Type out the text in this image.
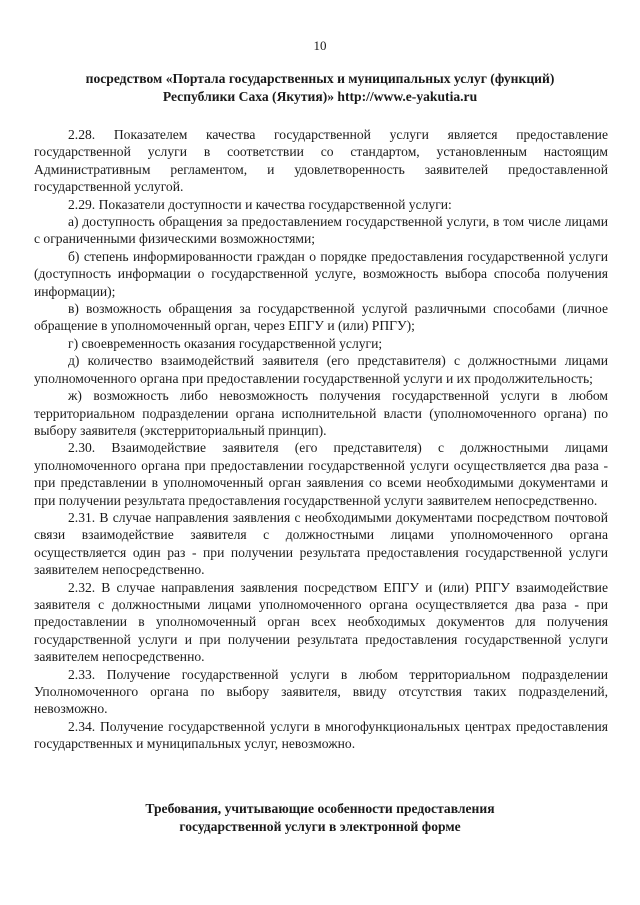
10
посредством «Портала государственных и муниципальных услуг (функций)
Республики Саха (Якутия)» http://www.e-yakutia.ru

2.28. Показателем качества государственной услуги является предоставление государственной услуги в соответствии со стандартом, установленным настоящим Административным регламентом, и удовлетворенность заявителей предоставленной государственной услугой.

2.29. Показатели доступности и качества государственной услуги:

а) доступность обращения за предоставлением государственной услуги, в том числе лицами с ограниченными физическими возможностями;

б) степень информированности граждан о порядке предоставления государственной услуги (доступность информации о государственной услуге, возможность выбора способа получения информации);

в) возможность обращения за государственной услугой различными способами (личное обращение в уполномоченный орган, через ЕПГУ и (или) РПГУ);

г) своевременность оказания государственной услуги;

д) количество взаимодействий заявителя (его представителя) с должностными лицами уполномоченного органа при предоставлении государственной услуги и их продолжительность;

ж) возможность либо невозможность получения государственной услуги в любом территориальном подразделении органа исполнительной власти (уполномоченного органа) по выбору заявителя (экстерриториальный принцип).

2.30. Взаимодействие заявителя (его представителя) с должностными лицами уполномоченного органа при предоставлении государственной услуги осуществляется два раза - при представлении в уполномоченный орган заявления со всеми необходимыми документами и при получении результата предоставления государственной услуги заявителем непосредственно.

2.31. В случае направления заявления с необходимыми документами посредством почтовой связи взаимодействие заявителя с должностными лицами уполномоченного органа осуществляется один раз - при получении результата предоставления государственной услуги заявителем непосредственно.

2.32. В случае направления заявления посредством ЕПГУ и (или) РПГУ взаимодействие заявителя с должностными лицами уполномоченного органа осуществляется два раза - при предоставлении в уполномоченный орган всех необходимых документов для получения государственной услуги и при получении результата предоставления государственной услуги заявителем непосредственно.

2.33. Получение государственной услуги в любом территориальном подразделении Уполномоченного органа по выбору заявителя, ввиду отсутствия таких подразделений, невозможно.

2.34. Получение государственной услуги в многофункциональных центрах предоставления государственных и муниципальных услуг, невозможно.

Требования, учитывающие особенности предоставления
государственной услуги в электронной форме
